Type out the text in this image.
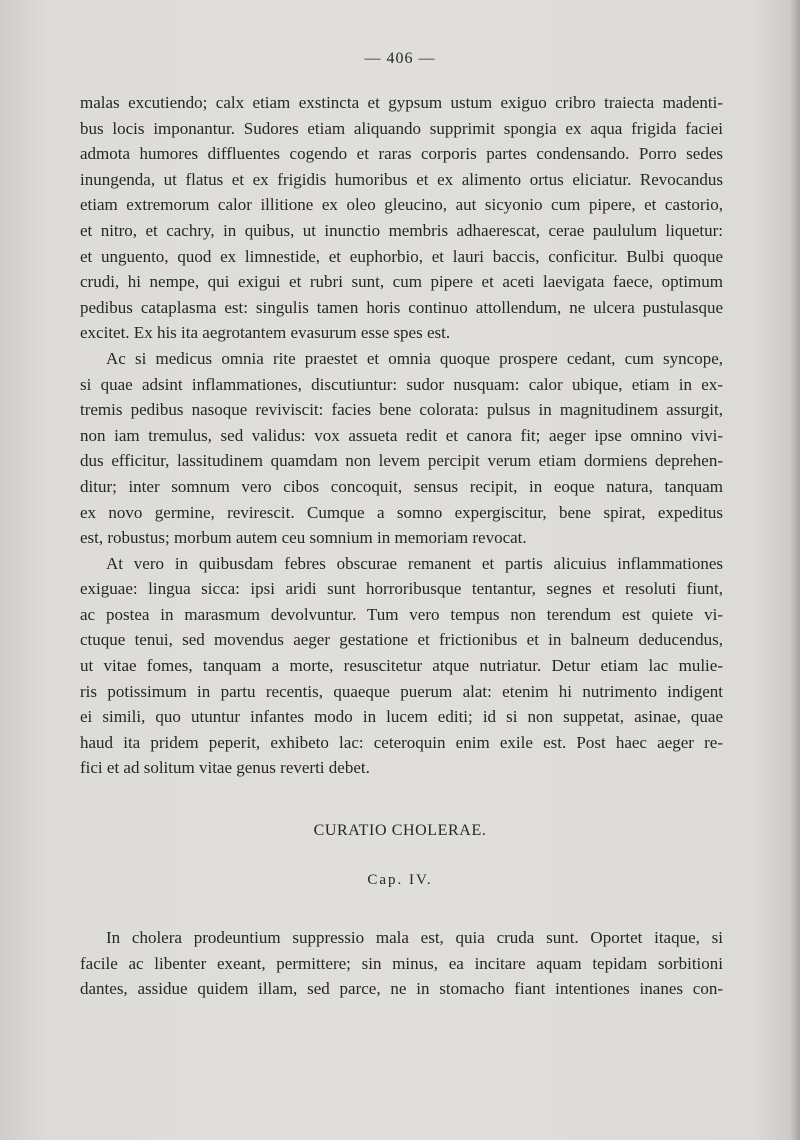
— 406 —
malas excutiendo; calx etiam exstincta et gypsum ustum exiguo cribro traiecta madenti-
bus locis imponantur. Sudores etiam aliquando supprimit spongia ex aqua frigida faciei
admota humores diffluentes cogendo et raras corporis partes condensando. Porro sedes
inungenda, ut flatus et ex frigidis humoribus et ex alimento ortus eliciatur. Revocandus
etiam extremorum calor illitione ex oleo gleucino, aut sicyonio cum pipere, et castorio,
et nitro, et cachry, in quibus, ut inunctio membris adhaerescat, cerae paululum liquetur:
et unguento, quod ex limnestide, et euphorbio, et lauri baccis, conficitur. Bulbi quoque
crudi, hi nempe, qui exigui et rubri sunt, cum pipere et aceti laevigata faece, optimum
pedibus cataplasma est: singulis tamen horis continuo attollendum, ne ulcera pustulasque
excitet. Ex his ita aegrotantem evasurum esse spes est.
Ac si medicus omnia rite praestet et omnia quoque prospere cedant, cum syncope,
si quae adsint inflammationes, discutiuntur: sudor nusquam: calor ubique, etiam in ex-
tremis pedibus nasoque reviviscit: facies bene colorata: pulsus in magnitudinem assurgit,
non iam tremulus, sed validus: vox assueta redit et canora fit; aeger ipse omnino vivi-
dus efficitur, lassitudinem quamdam non levem percipit verum etiam dormiens deprehen-
ditur; inter somnum vero cibos concoquit, sensus recipit, in eoque natura, tanquam
ex novo germine, revirescit. Cumque a somno expergiscitur, bene spirat, expeditus
est, robustus; morbum autem ceu somnium in memoriam revocat.
At vero in quibusdam febres obscurae remanent et partis alicuius inflammationes
exiguae: lingua sicca: ipsi aridi sunt horroribusque tentantur, segnes et resoluti fiunt,
ac postea in marasmum devolvuntur. Tum vero tempus non terendum est quiete vi-
ctuque tenui, sed movendus aeger gestatione et frictionibus et in balneum deducendus,
ut vitae fomes, tanquam a morte, resuscitetur atque nutriatur. Detur etiam lac mulie-
ris potissimum in partu recentis, quaeque puerum alat: etenim hi nutrimento indigent
ei simili, quo utuntur infantes modo in lucem editi; id si non suppetat, asinae, quae
haud ita pridem peperit, exhibeto lac: ceteroquin enim exile est. Post haec aeger re-
fici et ad solitum vitae genus reverti debet.
CURATIO CHOLERAE.
Cap. IV.
In cholera prodeuntium suppressio mala est, quia cruda sunt. Oportet itaque, si
facile ac libenter exeant, permittere; sin minus, ea incitare aquam tepidam sorbitioni
dantes, assidue quidem illam, sed parce, ne in stomacho fiant intentiones inanes con-
